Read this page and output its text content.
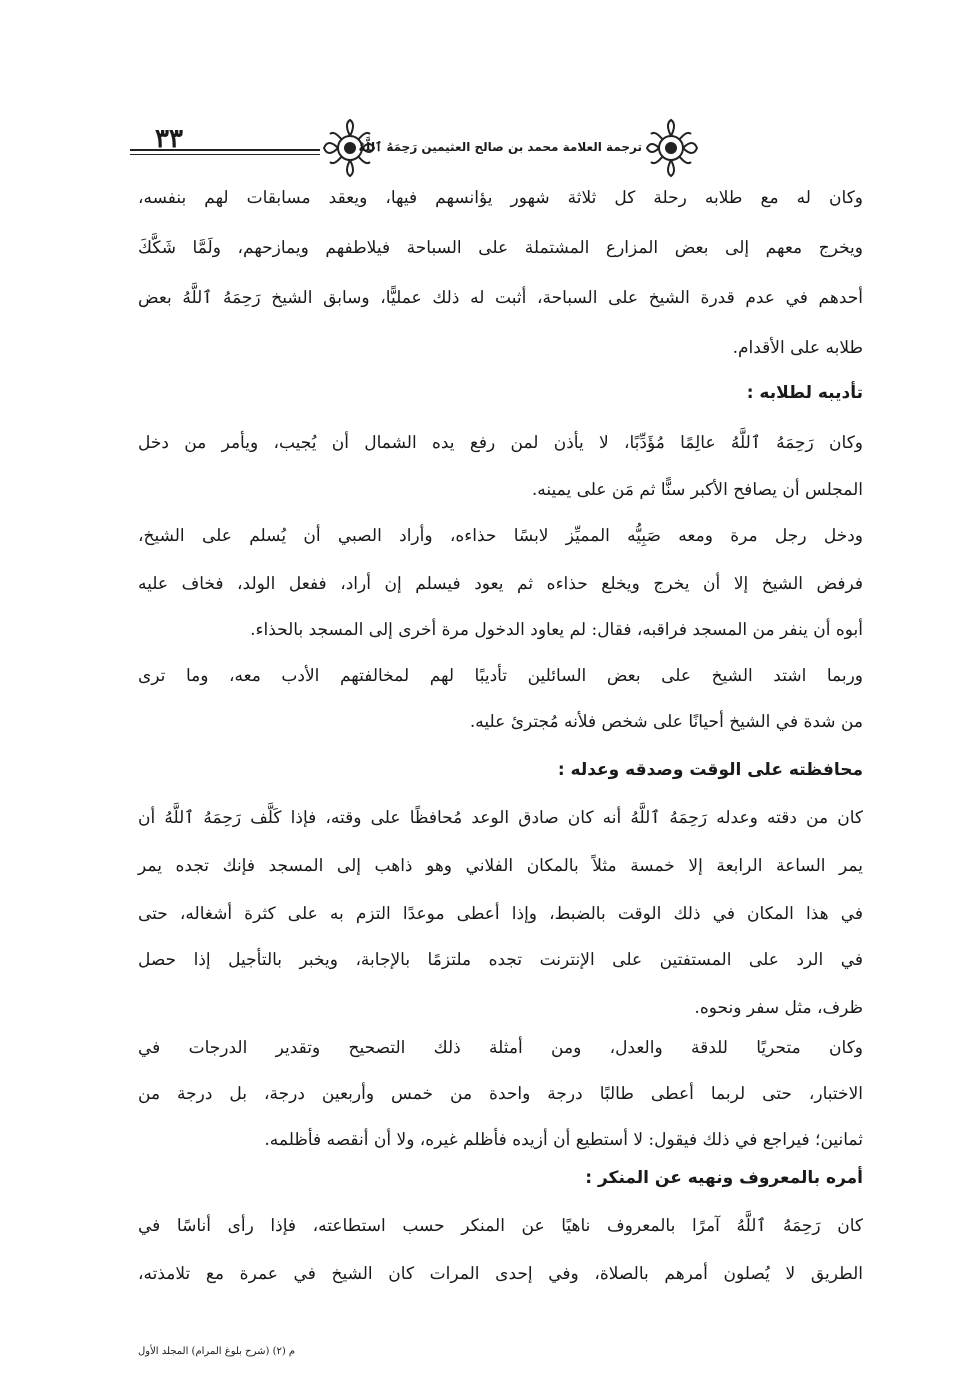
٣٣	ترجمة العلامة محمد بن صالح العثيمين رَحِمَهُ ٱللَّهُ
وكان له مع طلابه رحلة كل ثلاثة شهور يؤانسهم فيها، ويعقد مسابقات لهم بنفسه،
ويخرج معهم إلى بعض المزارع المشتملة على السباحة فيلاطفهم ويمازحهم، ولَمَّا شَكَّكَ
أحدهم في عدم قدرة الشيخ على السباحة، أثبت له ذلك عمليًّا، وسابق الشيخ رَحِمَهُ ٱللَّهُ بعض
طلابه على الأقدام.
تأديبه لطلابه :
وكان رَحِمَهُ ٱللَّهُ عالِمًا مُؤَدِّبًا، لا يأذن لمن رفع يده الشمال أن يُجيب، ويأمر من دخل
المجلس أن يصافح الأكبر سنًّا ثم مَن على يمينه.
ودخل رجل مرة ومعه صَبِيُّه المميِّز لابسًا حذاءه، وأراد الصبي أن يُسلم على الشيخ،
فرفض الشيخ إلا أن يخرج ويخلع حذاءه ثم يعود فيسلم إن أراد، ففعل الولد، فخاف عليه
أبوه أن ينفر من المسجد فراقبه، فقال: لم يعاود الدخول مرة أخرى إلى المسجد بالحذاء.
وربما اشتد الشيخ على بعض السائلين تأديبًا لهم لمخالفتهم الأدب معه، وما ترى
من شدة في الشيخ أحيانًا على شخص فلأنه مُجترئ عليه.
محافظته على الوقت وصدقه وعدله :
كان من دقته وعدله رَحِمَهُ ٱللَّهُ أنه كان صادق الوعد مُحافظًا على وقته، فإذا كَلَّف رَحِمَهُ ٱللَّهُ أن
يمر الساعة الرابعة إلا خمسة مثلاً بالمكان الفلاني وهو ذاهب إلى المسجد فإنك تجده يمر
في هذا المكان في ذلك الوقت بالضبط، وإذا أعطى موعدًا التزم به على كثرة أشغاله، حتى
في الرد على المستفتين على الإنترنت تجده ملتزمًا بالإجابة، ويخبر بالتأجيل إذا حصل
ظرف، مثل سفر ونحوه.
وكان متحريًا للدقة والعدل، ومن أمثلة ذلك التصحيح وتقدير الدرجات في
الاختبار، حتى لربما أعطى طالبًا درجة واحدة من خمس وأربعين درجة، بل درجة من
ثمانين؛ فيراجع في ذلك فيقول: لا أستطيع أن أزيده فأظلم غيره، ولا أن أنقصه فأظلمه.
أمره بالمعروف ونهيه عن المنكر :
كان رَحِمَهُ ٱللَّهُ آمرًا بالمعروف ناهيًا عن المنكر حسب استطاعته، فإذا رأى أناسًا في
الطريق لا يُصلون أمرهم بالصلاة، وفي إحدى المرات كان الشيخ في عمرة مع تلامذته،
م (٢) (شرح بلوغ المرام) المجلد الأول
